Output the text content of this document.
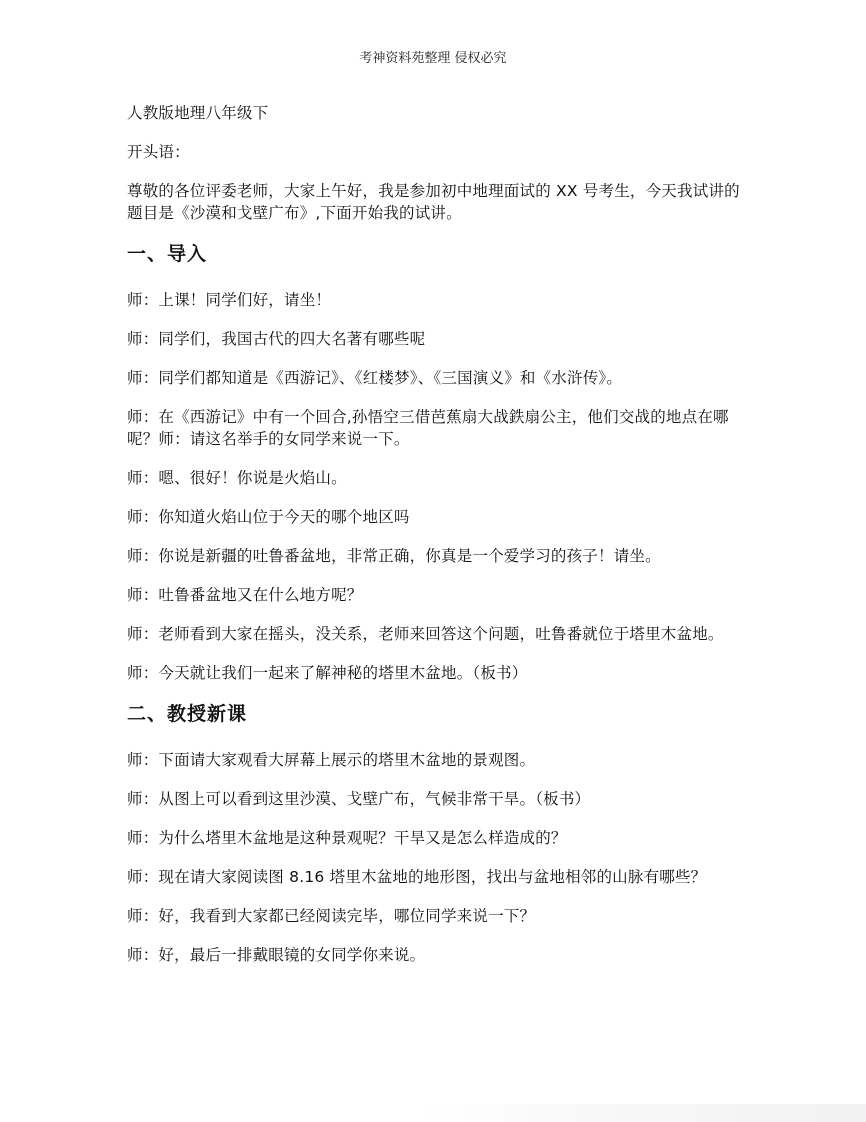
考神资料苑整理 侵权必究

人教版地理八年级下

开头语：

尊敬的各位评委老师，大家上午好，我是参加初中地理面试的 XX 号考生，今天我试讲的题目是《沙漠和戈壁广布》,下面开始我的试讲。

一、导入

师：上课！同学们好，请坐！

师：同学们，我国古代的四大名著有哪些呢

师：同学们都知道是《西游记》、《红楼梦》、《三国演义》和《水浒传》。

师：在《西游记》中有一个回合,孙悟空三借芭蕉扇大战鉄扇公主，他们交战的地点在哪呢？师：请这名举手的女同学来说一下。

师：嗯、很好！你说是火焰山。

师：你知道火焰山位于今天的哪个地区吗

师：你说是新疆的吐鲁番盆地，非常正确，你真是一个爱学习的孩子！请坐。

师：吐鲁番盆地又在什么地方呢？

师：老师看到大家在摇头，没关系，老师来回答这个问题，吐鲁番就位于塔里木盆地。

师：今天就让我们一起来了解神秘的塔里木盆地。（板书）

二、教授新课

师：下面请大家观看大屏幕上展示的塔里木盆地的景观图。

师：从图上可以看到这里沙漠、戈壁广布，气候非常干旱。（板书）

师：为什么塔里木盆地是这种景观呢？干旱又是怎么样造成的？

师：现在请大家阅读图 8.16 塔里木盆地的地形图，找出与盆地相邻的山脉有哪些？

师：好，我看到大家都已经阅读完毕，哪位同学来说一下？

师：好，最后一排戴眼镜的女同学你来说。
